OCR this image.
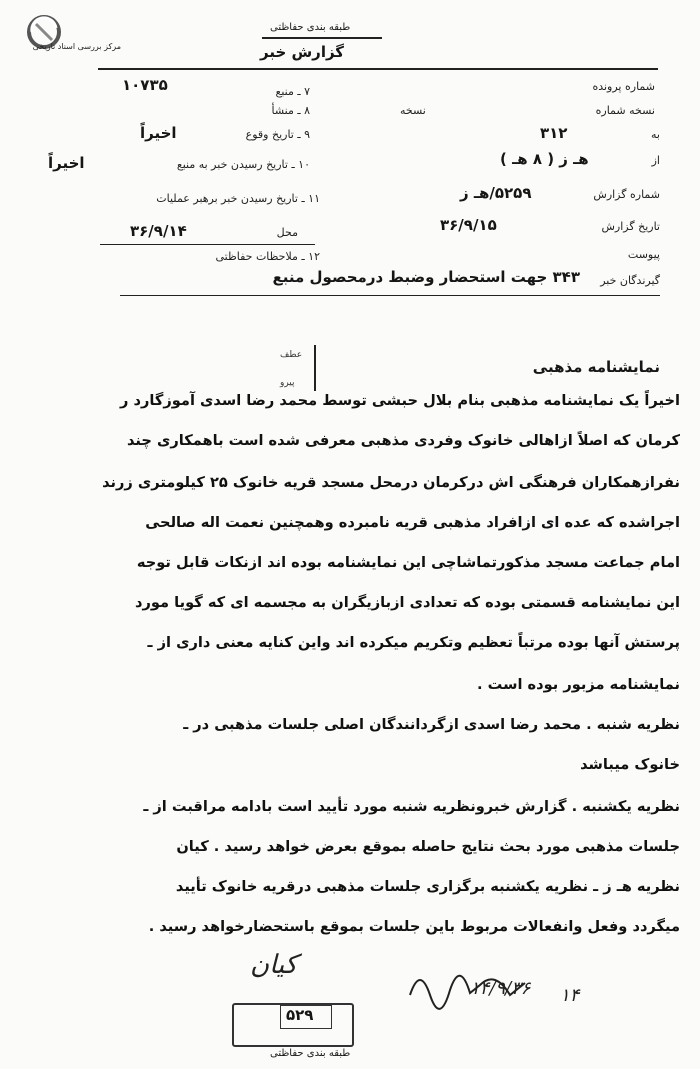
مرکز بررسی اسناد تاریخی
طبقه بندی حفاظتی
گزارش خبر
۷ ـ منبع
۱۰۷۳۵
۸ ـ منشأ
۹ ـ تاریخ وقوع
اخیراً
۱۰ ـ تاریخ رسیدن خبر به منبع
اخیراً
۱۱ ـ تاریخ رسیدن خبر برهبر عملیات
محل
۳۶/۹/۱۴
۱۲ ـ ملاحظات حفاظتی
شماره پرونده
نسخه شماره
نسخه
به
۳۱۲
از
هـ ز ( ۸ هـ )
شماره گزارش
۵۲۵۹/هـ ز
تاریخ گزارش
۳۶/۹/۱۵
پیوست
گیرندگان خبر
۳۴۳ جهت استحضار وضبط درمحصول منبع
عطف
پیرو
نمایشنامه مذهبی
اخیراً یک نمایشنامه مذهبی بنام بلال حبشی توسط محمد رضا اسدی آموزگارد ر
کرمان که اصلاً ازاهالی خانوک وفردی مذهبی معرفی شده است باهمکاری چند
نفرازهمکاران فرهنگی اش درکرمان درمحل مسجد قریه خانوک ۲۵ کیلومتری زرند
اجراشده که عده ای ازافراد مذهبی قریه نامبرده وهمچنین نعمت اله صالحی
امام جماعت مسجد مذکورتماشاچی این نمایشنامه بوده اند ازنکات قابل توجه
این نمایشنامه قسمتی بوده که تعدادی ازبازیگران به مجسمه ای که گویا مورد
پرستش آنها بوده مرتباً تعظیم وتکریم میکرده اند واین کنایه معنی داری از ـ
نمایشنامه مزبور بوده است .
نظریه شنبه . محمد رضا اسدی ازگردانندگان اصلی جلسات مذهبی در ـ
خانوک میباشد
نظریه یکشنبه . گزارش خبرونظریه شنبه مورد تأیید است بادامه مراقبت از ـ
جلسات مذهبی مورد بحث نتایج حاصله بموقع بعرض خواهد رسید . کیان
نظریه هـ ز ـ نظریه یکشنبه برگزاری جلسات مذهبی درقریه خانوک تأیید
میگردد وفعل وانفعالات مربوط باین جلسات بموقع باستحضارخواهد رسید .
کیان
۱۴/۹/۳۶ ۱۴
۵۲۹
طبقه بندی حفاظتی
